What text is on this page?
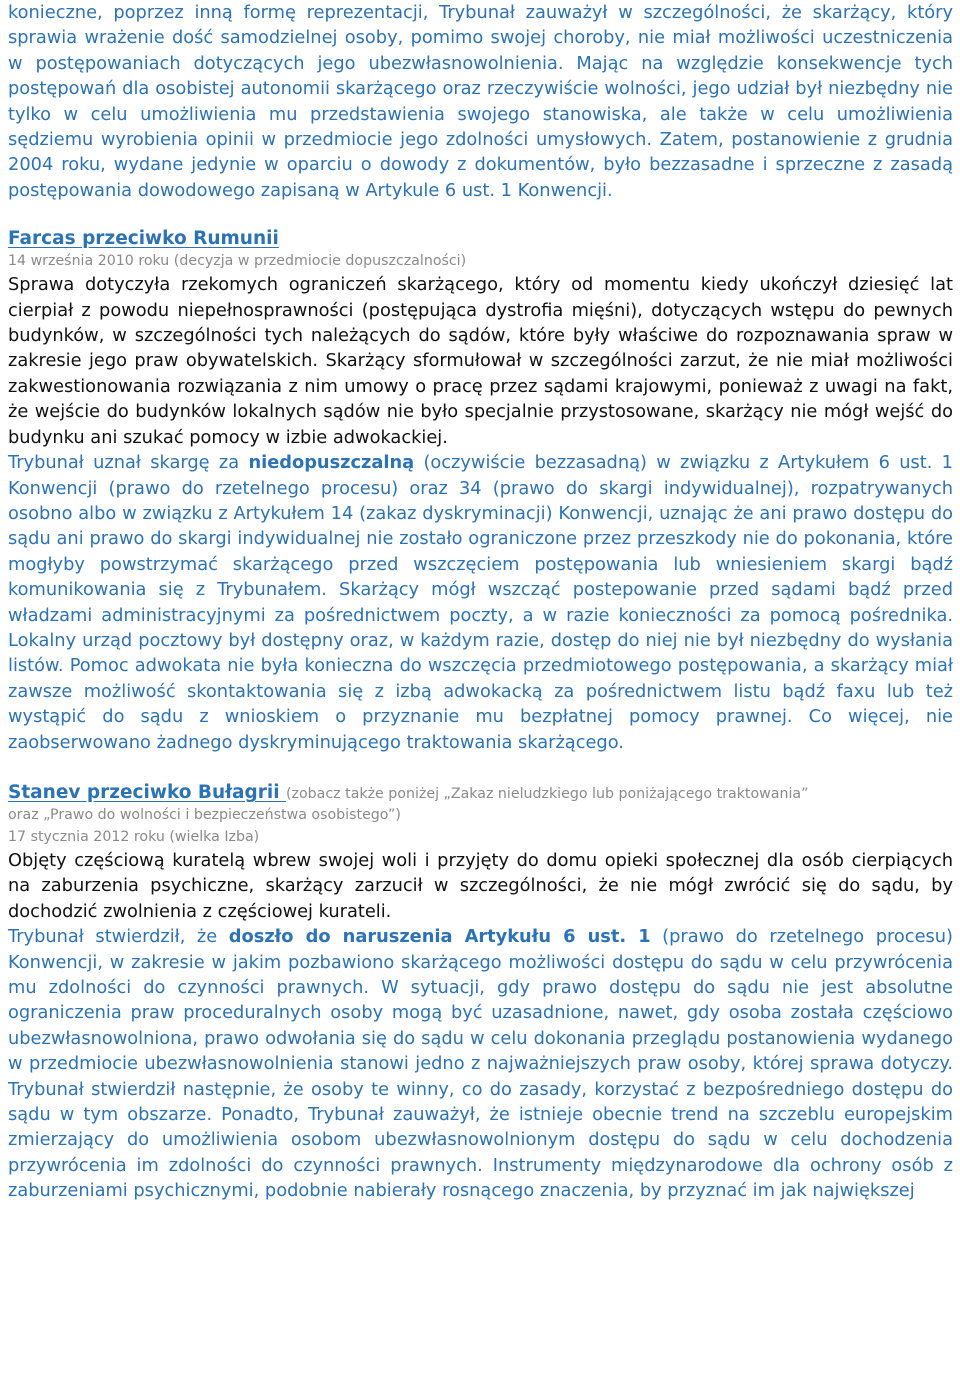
konieczne, poprzez inną formę reprezentacji, Trybunał zauważył w szczególności, że skarżący, który sprawia wrażenie dość samodzielnej osoby, pomimo swojej choroby, nie miał możliwości uczestniczenia w postępowaniach dotyczących jego ubezwłasnowolnienia. Mając na względzie konsekwencje tych postępowań dla osobistej autonomii skarżącego oraz rzeczywiście wolności, jego udział był niezbędny nie tylko w celu umożliwienia mu przedstawienia swojego stanowiska, ale także w celu umożliwienia sędziemu wyrobienia opinii w przedmiocie jego zdolności umysłowych. Zatem, postanowienie z grudnia 2004 roku, wydane jedynie w oparciu o dowody z dokumentów, było bezzasadne i sprzeczne z zasadą postępowania dowodowego zapisaną w Artykule 6 ust. 1 Konwencji.

Farcas przeciwko Rumunii

14 września 2010 roku (decyzja w przedmiocie dopuszczalności)

Sprawa dotyczyła rzekomych ograniczeń skarżącego, który od momentu kiedy ukończył dziesięć lat cierpiał z powodu niepełnosprawności (postępująca dystrofia mięśni), dotyczących wstępu do pewnych budynków, w szczególności tych należących do sądów, które były właściwe do rozpoznawania spraw w zakresie jego praw obywatelskich. Skarżący sformułował w szczególności zarzut, że nie miał możliwości zakwestionowania rozwiązania z nim umowy o pracę przez sądami krajowymi, ponieważ z uwagi na fakt, że wejście do budynków lokalnych sądów nie było specjalnie przystosowane, skarżący nie mógł wejść do budynku ani szukać pomocy w izbie adwokackiej.

Trybunał uznał skargę za niedopuszczalną (oczywiście bezzasadną) w związku z Artykułem 6 ust. 1 Konwencji (prawo do rzetelnego procesu) oraz 34 (prawo do skargi indywidualnej), rozpatrywanych osobno albo w związku z Artykułem 14 (zakaz dyskryminacji) Konwencji, uznając że ani prawo dostępu do sądu ani prawo do skargi indywidualnej nie zostało ograniczone przez przeszkody nie do pokonania, które mogłyby powstrzymać skarżącego przed wszczęciem postępowania lub wniesieniem skargi bądź komunikowania się z Trybunałem. Skarżący mógł wszcząć postepowanie przed sądami bądź przed władzami administracyjnymi za pośrednictwem poczty, a w razie konieczności za pomocą pośrednika. Lokalny urząd pocztowy był dostępny oraz, w każdym razie, dostęp do niej nie był niezbędny do wysłania listów. Pomoc adwokata nie była konieczna do wszczęcia przedmiotowego postępowania, a skarżący miał zawsze możliwość skontaktowania się z izbą adwokacką za pośrednictwem listu bądź faxu lub też wystąpić do sądu z wnioskiem o przyznanie mu bezpłatnej pomocy prawnej. Co więcej, nie zaobserwowano żadnego dyskryminującego traktowania skarżącego.

Stanev przeciwko Bułagrii (zobacz także poniżej „Zakaz nieludzkiego lub poniżającego traktowania”

oraz „Prawo do wolności i bezpieczeństwa osobistego”)

17 stycznia 2012 roku (wielka Izba)

Objęty częściową kuratelą wbrew swojej woli i przyjęty do domu opieki społecznej dla osób cierpiących na zaburzenia psychiczne, skarżący zarzucił w szczególności, że nie mógł zwrócić się do sądu, by dochodzić zwolnienia z częściowej kurateli.

Trybunał stwierdził, że doszło do naruszenia Artykułu 6 ust. 1 (prawo do rzetelnego procesu) Konwencji, w zakresie w jakim pozbawiono skarżącego możliwości dostępu do sądu w celu przywrócenia mu zdolności do czynności prawnych. W sytuacji, gdy prawo dostępu do sądu nie jest absolutne ograniczenia praw proceduralnych osoby mogą być uzasadnione, nawet, gdy osoba została częściowo ubezwłasnowolniona, prawo odwołania się do sądu w celu dokonania przeglądu postanowienia wydanego w przedmiocie ubezwłasnowolnienia stanowi jedno z najważniejszych praw osoby, której sprawa dotyczy. Trybunał stwierdził następnie, że osoby te winny, co do zasady, korzystać z bezpośredniego dostępu do sądu w tym obszarze. Ponadto, Trybunał zauważył, że istnieje obecnie trend na szczeblu europejskim zmierzający do umożliwienia osobom ubezwłasnowolnionym dostępu do sądu w celu dochodzenia przywrócenia im zdolności do czynności prawnych. Instrumenty międzynarodowe dla ochrony osób z zaburzeniami psychicznymi, podobnie nabierały rosnącego znaczenia, by przyznać im jak największej
